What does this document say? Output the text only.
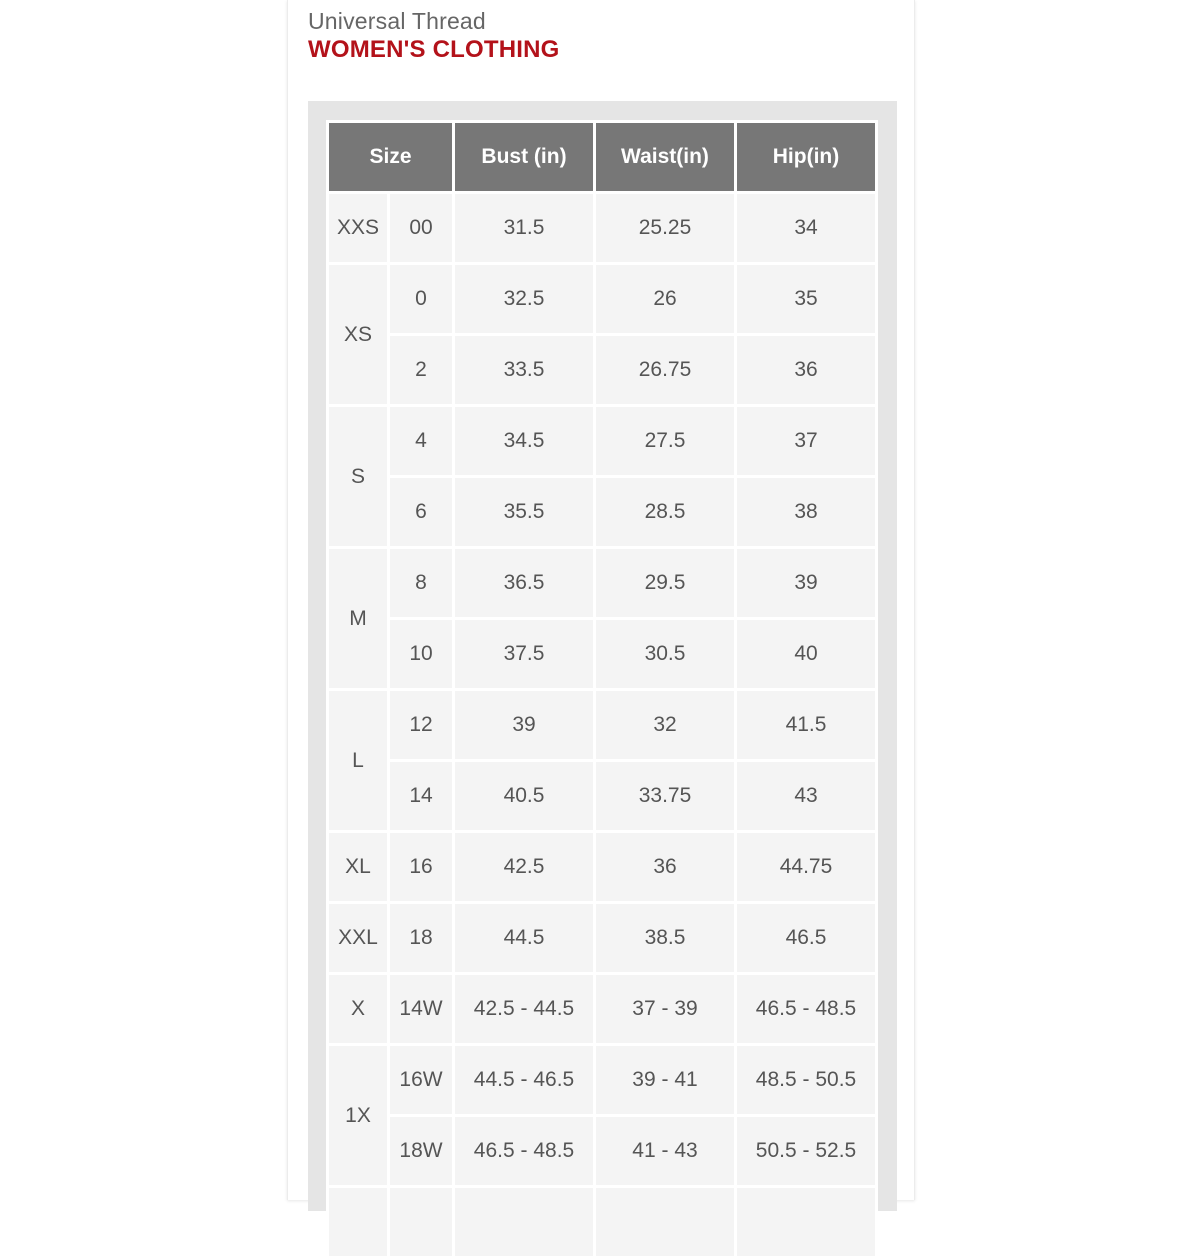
Universal Thread
WOMEN'S CLOTHING
Size		Bust (in)	Waist(in)	Hip(in)
XXS	00	31.5	25.25	34
XS	0	32.5	26	35
	2	33.5	26.75	36
S	4	34.5	27.5	37
	6	35.5	28.5	38
M	8	36.5	29.5	39
	10	37.5	30.5	40
L	12	39	32	41.5
	14	40.5	33.75	43
XL	16	42.5	36	44.75
XXL	18	44.5	38.5	46.5
X	14W	42.5 - 44.5	37 - 39	46.5 - 48.5
1X	16W	44.5 - 46.5	39 - 41	48.5 - 50.5
	18W	46.5 - 48.5	41 - 43	50.5 - 52.5
